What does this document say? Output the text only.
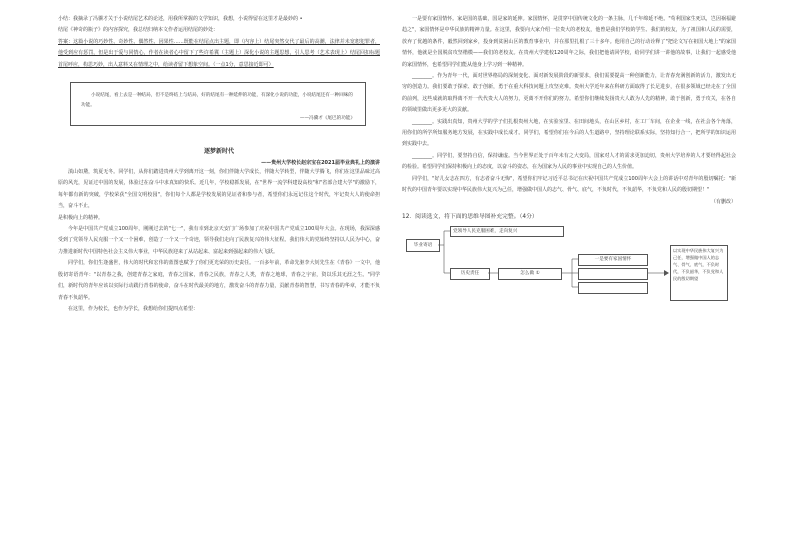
小结：我摘录了冯骥才关于小说结尾艺术的论述，用我所掌握的文学知识，我想，小说得留在这里才是最妙的 •

结尾《神奇的瓶子》的内容探究，我总结归纳本文作者运用结尾的妙处：

答案：这篇小说的巧妙性、奇妙性、偶然性、因果性……既能在结尾点出主题，即（内容上）结尾突然交代了最后的高潮，法律并未宽恕犯罪者，他受到应有惩罚，但是出于爱与同情心，作者在读者心中留下了些许希冀（主题上）深化小说的主题思想，引人思考（艺术表现上）结尾回扣标题首尾呼应，构思巧妙，出人意料又在情理之中，给读者留下想象空间。（一点1分，意思接近即可）

小说结尾，看上去是一种结局，但不是终结上与结局，好的结尾有一种延伸的功能，有深化小说的功能，小说结尾还有一种回味的功能。
——冯骥才《尾巴的功能》
逐梦新时代
——贵州大学校长赵宗宝在2021届毕业典礼上的演讲

滇山如黛，筑夏无冬。同学们，从你们踏进贵州大学到离开这一刻，你们伴随大学成长，伴随大学转型，伴随大学腾飞，你们在这里品味过高原的风光，见证过中国的发展，体验过在奋斗中求真知的快乐。近几年，学校稳抓发展，在"世界一流学科建设高校"和"省部合建大学"的激励下，每年都有新的突破，学校荣获"全国文明校园"，你们每个人都是学校发展的见证者和参与者，希望你们永远记住这个时代，牢记贵大人的使命担当，奋斗不止，

是积极向上的精神。

今年是中国共产党成立100周年，刚刚过去的"七一"，我有幸到北京天安门广场参加了庆祝中国共产党成立100周年大会。在现场，我深深感受到了党领导人民克服一个又一个困难，创造了一个又一个奇迹，领导我们走向了民族复兴的伟大征程。我们伟大的党始终坚持以人民为中心，奋力推进新时代中国特色社会主义伟大事业，中华民族迎来了从站起来、富起来到强起来的伟大飞跃。

同学们，你们生逢盛世，伟大的时代和宏伟的蓝图也赋予了你们更光荣的历史责任。一百多年前，革命先驱李大钊先生在《青春》一文中，他殷切寄语青年："以青春之我，创建青春之家庭，青春之国家，青春之民族，青春之人类，青春之地球，青春之宇宙，资以乐其无涯之生。"同学们，新时代的青年应该以实际行动践行青春的使命，奋斗在时代最美的地方，激发奋斗的青春力量，贡献青春的智慧，书写青春的华章，才能不负青春不负韶华。

在这里，作为校长，也作为学长，我想给你们提四点希望：

一是要有家国情怀。家是国的基础，国是家的延伸。家国情怀，是贯穿中国传统文化的一条主脉，几千年绵延不绝。"苟利国家生死以，岂因祸福避趋之"，家国情怀是中华民族的精神力量。在这里，我要向大家介绍一位贵大的老校友，他曾是我们学校的学生、我们的校友，为了祖国和人民的需要，放弃了优越的条件，毅然回到家乡，投身到贫困山区的教育事业中，并在那里扎根了三十多年。他用自己的行动诠释了"把论文写在祖国大地上"的家国情怀，他就是全国脱贫攻坚楷模——我们的老校友。在贵州大学建校120周年之际，我们把他请回学校，给同学们讲一讲他的故事，让我们一起感受他的家国情怀，也希望同学们能从他身上学习到一种精神。

________。作为青年一代，面对世界格局的深刻变化、面对新发展阶段的新要求，我们需要提高一种创新能力，让青春充满创新的活力，激发出无穷的创造力。我们要敢于探索、敢于创新，勇于在重大科技问题上攻坚克难。贵州大学近年来在科研方面取得了长足进步，在很多领域已经走在了全国的前列，这些成就的取得离不开一代代贵大人的努力，更离不开你们的努力。希望你们继续发扬贵大人敢为人先的精神，敢于创新，勇于攻关，在各自的领域里做出更多更大的贡献。

________。实践出真知，贵州大学的学子们扎根贵州大地，在实验室里、在田间地头，在山区乡村，在工厂车间，在企业一线，在社会各个角落，用你们的所学所知服务地方发展，在实践中成长成才。同学们，希望你们在今后的人生道路中，坚持理论联系实际，坚持知行合一，把所学的知识运用到实践中去。

________。同学们，要坚持自信，保持谦虚。当今世界正处于百年未有之大变局，国家对人才的需求更加迫切，贵州大学培养的人才要经得起社会的检验。希望同学们保持积极向上的态度，以奋斗的姿态，在为国家为人民的事业中实现自己的人生价值。

同学们，"好儿女志在四方，有志者奋斗无悔"，希望你们牢记习近平总书记在庆祝中国共产党成立100周年大会上的讲话中对青年的殷切嘱托："新时代的中国青年要以实现中华民族伟大复兴为己任，增强做中国人的志气、骨气、底气，不负时代，不负韶华，不负党和人民的殷切期望！"

（有删改）
12．阅读选文，将下面的思维导图补充完整。（4分）
毕业寄语
党领导人民克服困难，走向复兴
历史责任	怎么做 ①
一是要有家国情怀
以实现中华民族伟大复兴为己任，增强做中国人的志气、骨气、底气，不负时代，不负韶华，不负党和人民的殷切期望
